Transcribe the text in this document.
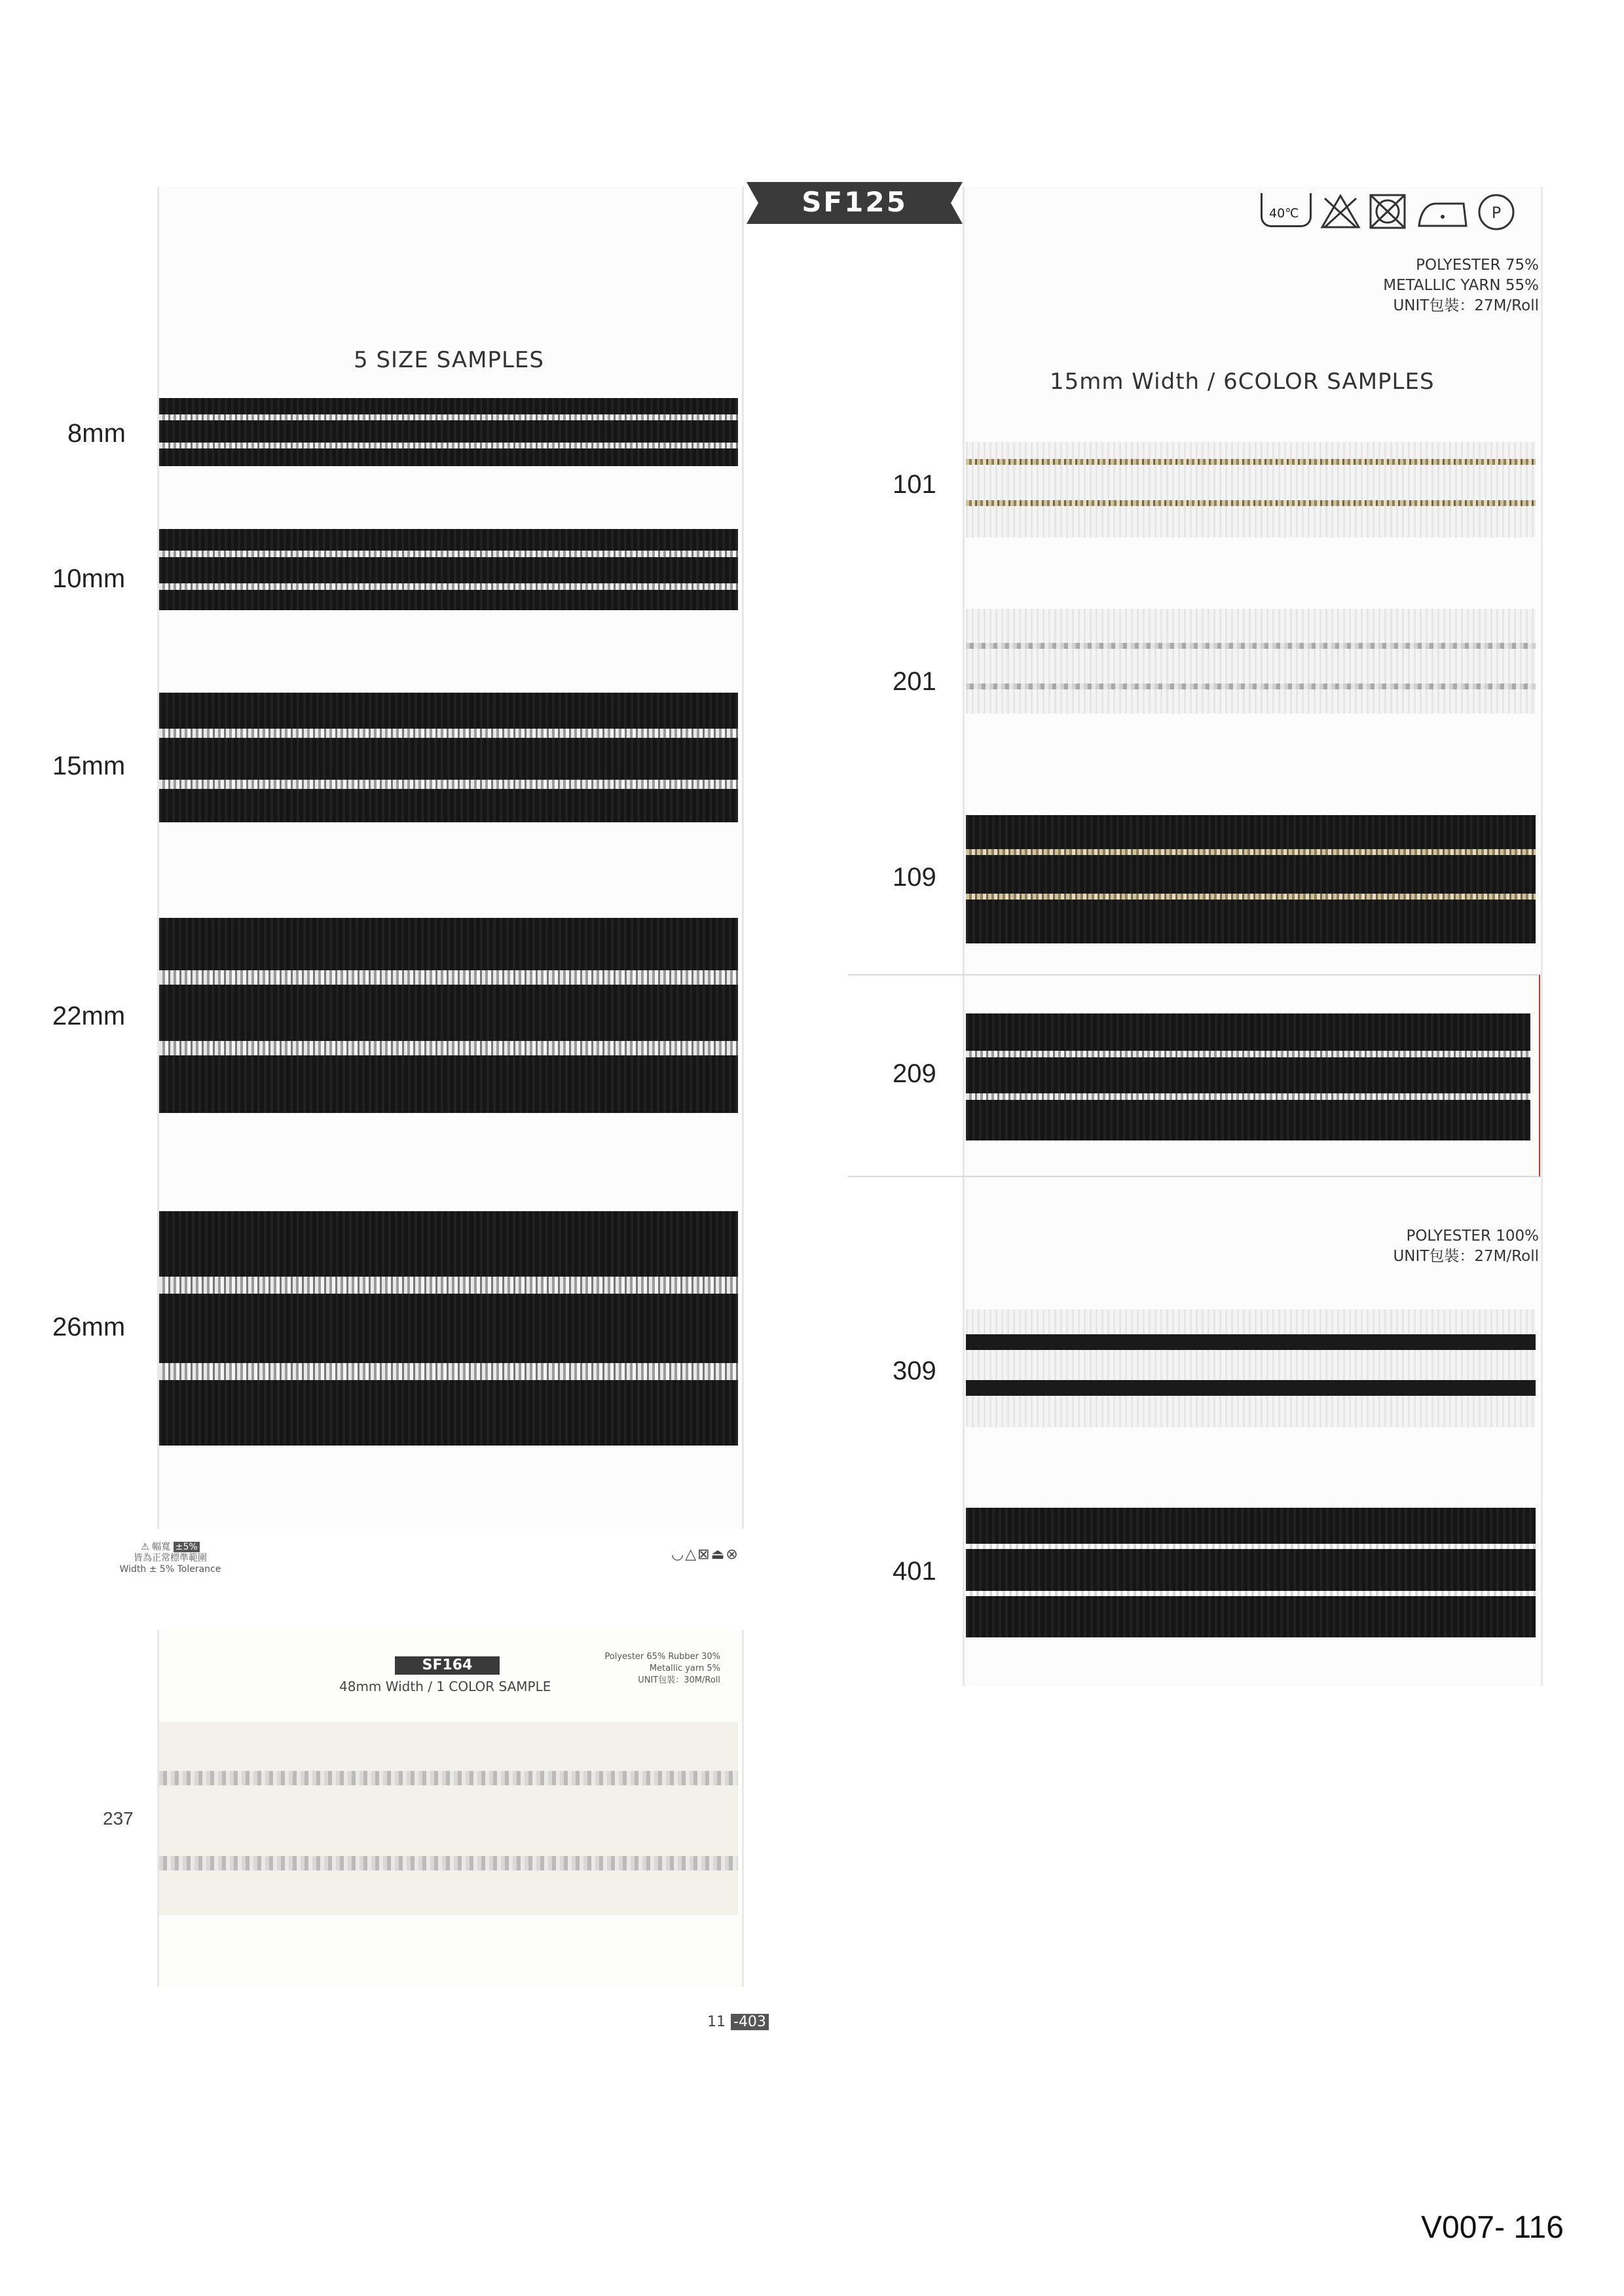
5 SIZE SAMPLES
8mm
10mm
15mm
22mm
26mm
SF125	40℃	P
POLYESTER 75%
METALLIC YARN 55%
UNIT包裝：27M/Roll
15mm Width / 6COLOR SAMPLES
101
201
109
209
POLYESTER 100%
UNIT包裝：27M/Roll
309
401
⚠ 幅寬 ±5%
皆為正常標準範圍
Width ± 5% Tolerance
◡△⊠⏏⊗
SF164
48mm Width / 1 COLOR SAMPLE
Polyester 65% Rubber 30%
Metallic yarn 5%
UNIT包裝：30M/Roll
237
11 -403
V007- 116
